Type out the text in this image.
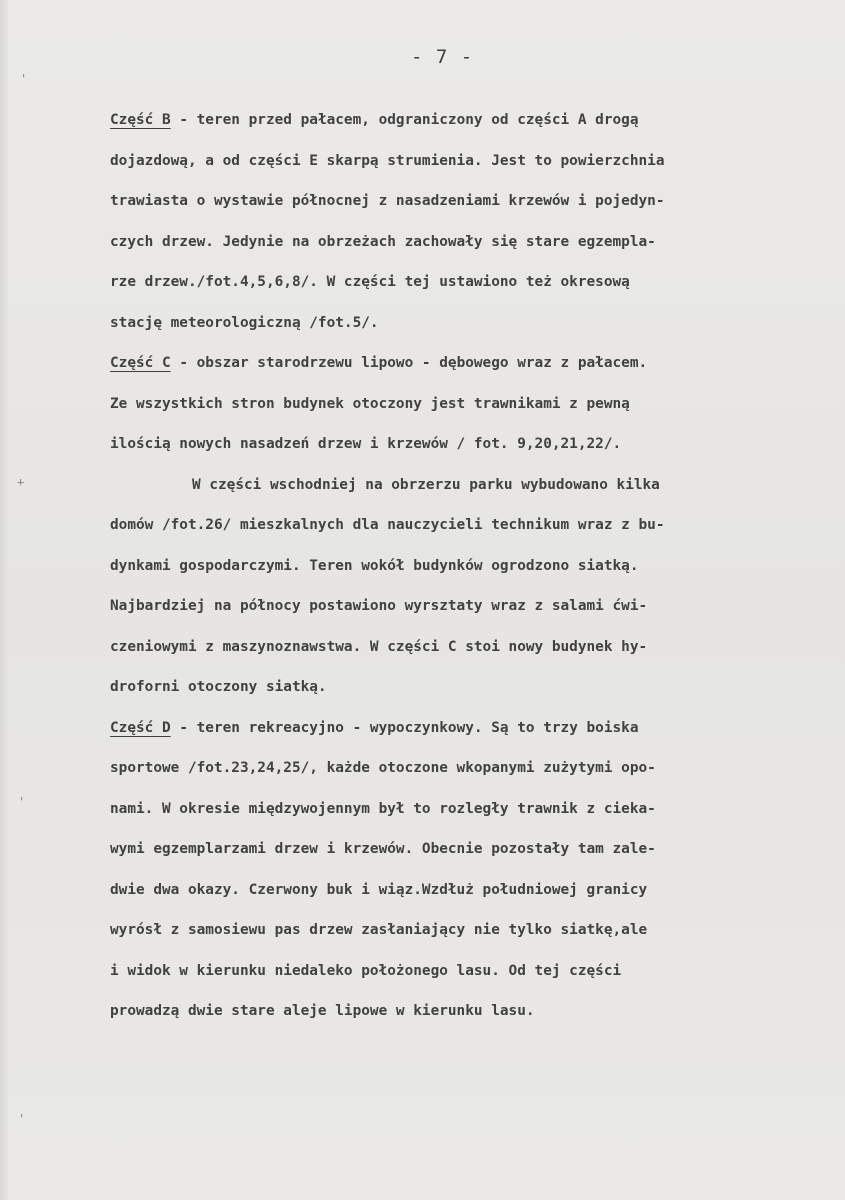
'
+
'
'
- 7 -
Część B - teren przed pałacem, odgraniczony od części A drogą
dojazdową, a od części E skarpą strumienia. Jest to powierzchnia
trawiasta o wystawie północnej z nasadzeniami krzewów i pojedyn-
czych drzew. Jedynie na obrzeżach zachowały się stare egzempla-
rze drzew./fot.4,5,6,8/. W części tej ustawiono też okresową
stację meteorologiczną /fot.5/.
Część C - obszar starodrzewu lipowo - dębowego wraz z pałacem.
Ze wszystkich stron budynek otoczony jest trawnikami z pewną
ilością nowych nasadzeń drzew i krzewów / fot. 9,20,21,22/.
W części wschodniej na obrzerzu parku wybudowano kilka
domów /fot.26/ mieszkalnych dla nauczycieli technikum wraz z bu-
dynkami gospodarczymi. Teren wokół budynków ogrodzono siatką.
Najbardziej na północy postawiono wyrsztaty wraz z salami ćwi-
czeniowymi z maszynoznawstwa. W części C stoi nowy budynek hy-
droforni otoczony siatką.
Część D - teren rekreacyjno - wypoczynkowy. Są to trzy boiska
sportowe /fot.23,24,25/, każde otoczone wkopanymi zużytymi opo-
nami. W okresie międzywojennym był to rozległy trawnik z cieka-
wymi egzemplarzami drzew i krzewów. Obecnie pozostały tam zale-
dwie dwa okazy. Czerwony buk i wiąz.Wzdłuż południowej granicy
wyrósł z samosiewu pas drzew zasłaniający nie tylko siatkę,ale
i widok w kierunku niedaleko położonego lasu. Od tej części
prowadzą dwie stare aleje lipowe w kierunku lasu.
